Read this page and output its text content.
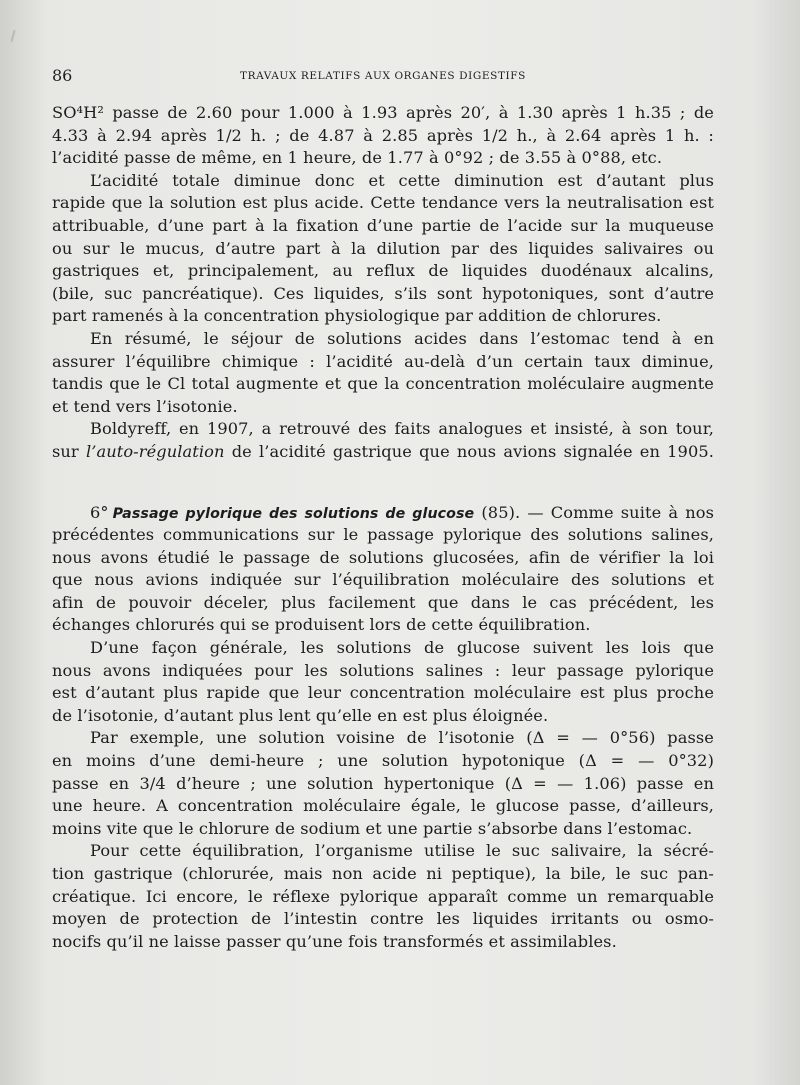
86	TRAVAUX RELATIFS AUX ORGANES DIGESTIFS
SO⁴H² passe de 2.60 pour 1.000 à 1.93 après 20′, à 1.30 après 1 h.35 ; de
4.33 à 2.94 après 1/2 h. ; de 4.87 à 2.85 après 1/2 h., à 2.64 après 1 h. :
l’acidité passe de même, en 1 heure, de 1.77 à 0°92 ; de 3.55 à 0°88, etc.
L’acidité totale diminue donc et cette diminution est d’autant plus
rapide que la solution est plus acide. Cette tendance vers la neutralisation est
attribuable, d’une part à la fixation d’une partie de l’acide sur la muqueuse
ou sur le mucus, d’autre part à la dilution par des liquides salivaires ou
gastriques et, principalement, au reflux de liquides duodénaux alcalins,
(bile, suc pancréatique). Ces liquides, s’ils sont hypotoniques, sont d’autre
part ramenés à la concentration physiologique par addition de chlorures.
En résumé, le séjour de solutions acides dans l’estomac tend à en
assurer l’équilibre chimique : l’acidité au-delà d’un certain taux diminue,
tandis que le Cl total augmente et que la concentration moléculaire augmente
et tend vers l’isotonie.
Boldyreff, en 1907, a retrouvé des faits analogues et insisté, à son tour,
sur l’auto-régulation de l’acidité gastrique que nous avions signalée en 1905.
6° Passage pylorique des solutions de glucose (85). — Comme suite à nos
précédentes communications sur le passage pylorique des solutions salines,
nous avons étudié le passage de solutions glucosées, afin de vérifier la loi
que nous avions indiquée sur l’équilibration moléculaire des solutions et
afin de pouvoir déceler, plus facilement que dans le cas précédent, les
échanges chlorurés qui se produisent lors de cette équilibration.
D’une façon générale, les solutions de glucose suivent les lois que
nous avons indiquées pour les solutions salines : leur passage pylorique
est d’autant plus rapide que leur concentration moléculaire est plus proche
de l’isotonie, d’autant plus lent qu’elle en est plus éloignée.
Par exemple, une solution voisine de l’isotonie (Δ = — 0°56) passe
en moins d’une demi-heure ; une solution hypotonique (Δ = — 0°32)
passe en 3/4 d’heure ; une solution hypertonique (Δ = — 1.06) passe en
une heure. A concentration moléculaire égale, le glucose passe, d’ailleurs,
moins vite que le chlorure de sodium et une partie s’absorbe dans l’estomac.
Pour cette équilibration, l’organisme utilise le suc salivaire, la sécré-
tion gastrique (chlorurée, mais non acide ni peptique), la bile, le suc pan-
créatique. Ici encore, le réflexe pylorique apparaît comme un remarquable
moyen de protection de l’intestin contre les liquides irritants ou osmo-
nocifs qu’il ne laisse passer qu’une fois transformés et assimilables.
